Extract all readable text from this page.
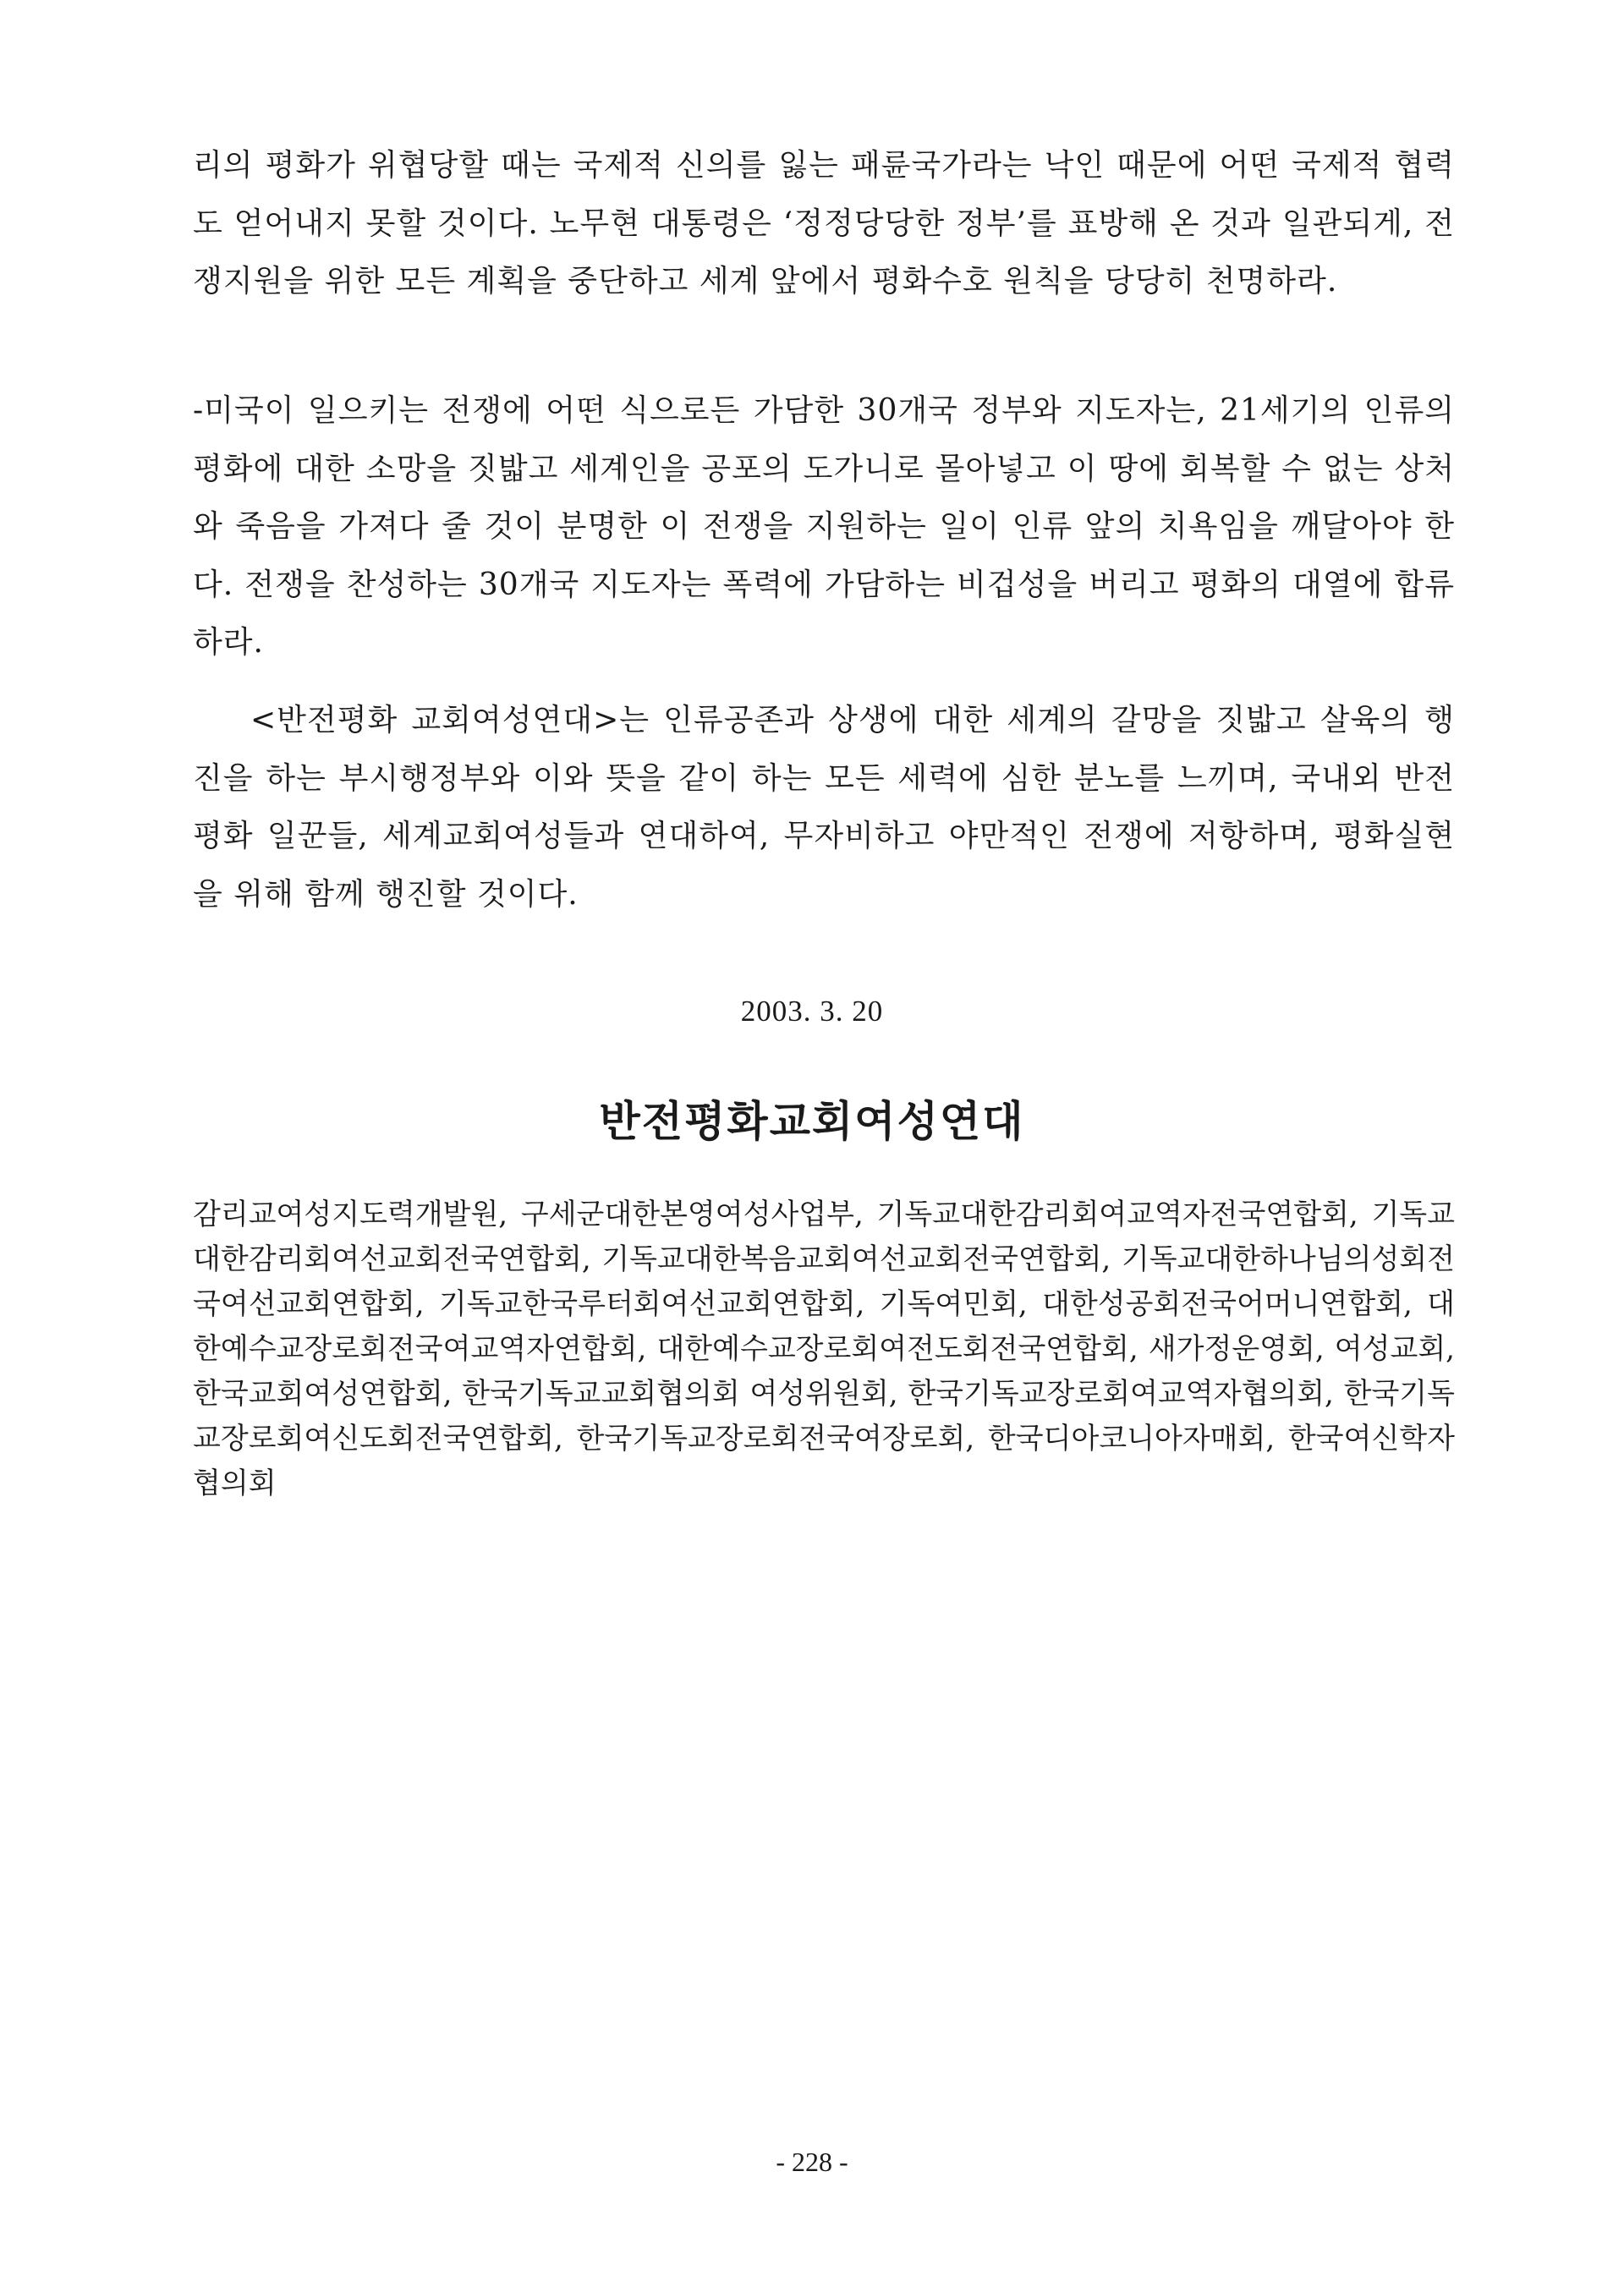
리의 평화가 위협당할 때는 국제적 신의를 잃는 패륜국가라는 낙인 때문에 어떤 국제적 협력도 얻어내지 못할 것이다. 노무현 대통령은 ‘정정당당한 정부’를 표방해 온 것과 일관되게, 전쟁지원을 위한 모든 계획을 중단하고 세계 앞에서 평화수호 원칙을 당당히 천명하라.

-미국이 일으키는 전쟁에 어떤 식으로든 가담한 30개국 정부와 지도자는, 21세기의 인류의 평화에 대한 소망을 짓밟고 세계인을 공포의 도가니로 몰아넣고 이 땅에 회복할 수 없는 상처와 죽음을 가져다 줄 것이 분명한 이 전쟁을 지원하는 일이 인류 앞의 치욕임을 깨달아야 한다. 전쟁을 찬성하는 30개국 지도자는 폭력에 가담하는 비겁성을 버리고 평화의 대열에 합류하라.

<반전평화 교회여성연대>는 인류공존과 상생에 대한 세계의 갈망을 짓밟고 살육의 행진을 하는 부시행정부와 이와 뜻을 같이 하는 모든 세력에 심한 분노를 느끼며, 국내외 반전평화 일꾼들, 세계교회여성들과 연대하여, 무자비하고 야만적인 전쟁에 저항하며, 평화실현을 위해 함께 행진할 것이다.

2003. 3. 20

반전평화교회여성연대

감리교여성지도력개발원, 구세군대한본영여성사업부, 기독교대한감리회여교역자전국연합회, 기독교대한감리회여선교회전국연합회, 기독교대한복음교회여선교회전국연합회, 기독교대한하나님의성회전국여선교회연합회, 기독교한국루터회여선교회연합회, 기독여민회, 대한성공회전국어머니연합회, 대한예수교장로회전국여교역자연합회, 대한예수교장로회여전도회전국연합회, 새가정운영회, 여성교회, 한국교회여성연합회, 한국기독교교회협의회 여성위원회, 한국기독교장로회여교역자협의회, 한국기독교장로회여신도회전국연합회, 한국기독교장로회전국여장로회, 한국디아코니아자매회, 한국여신학자협의회

- 228 -
